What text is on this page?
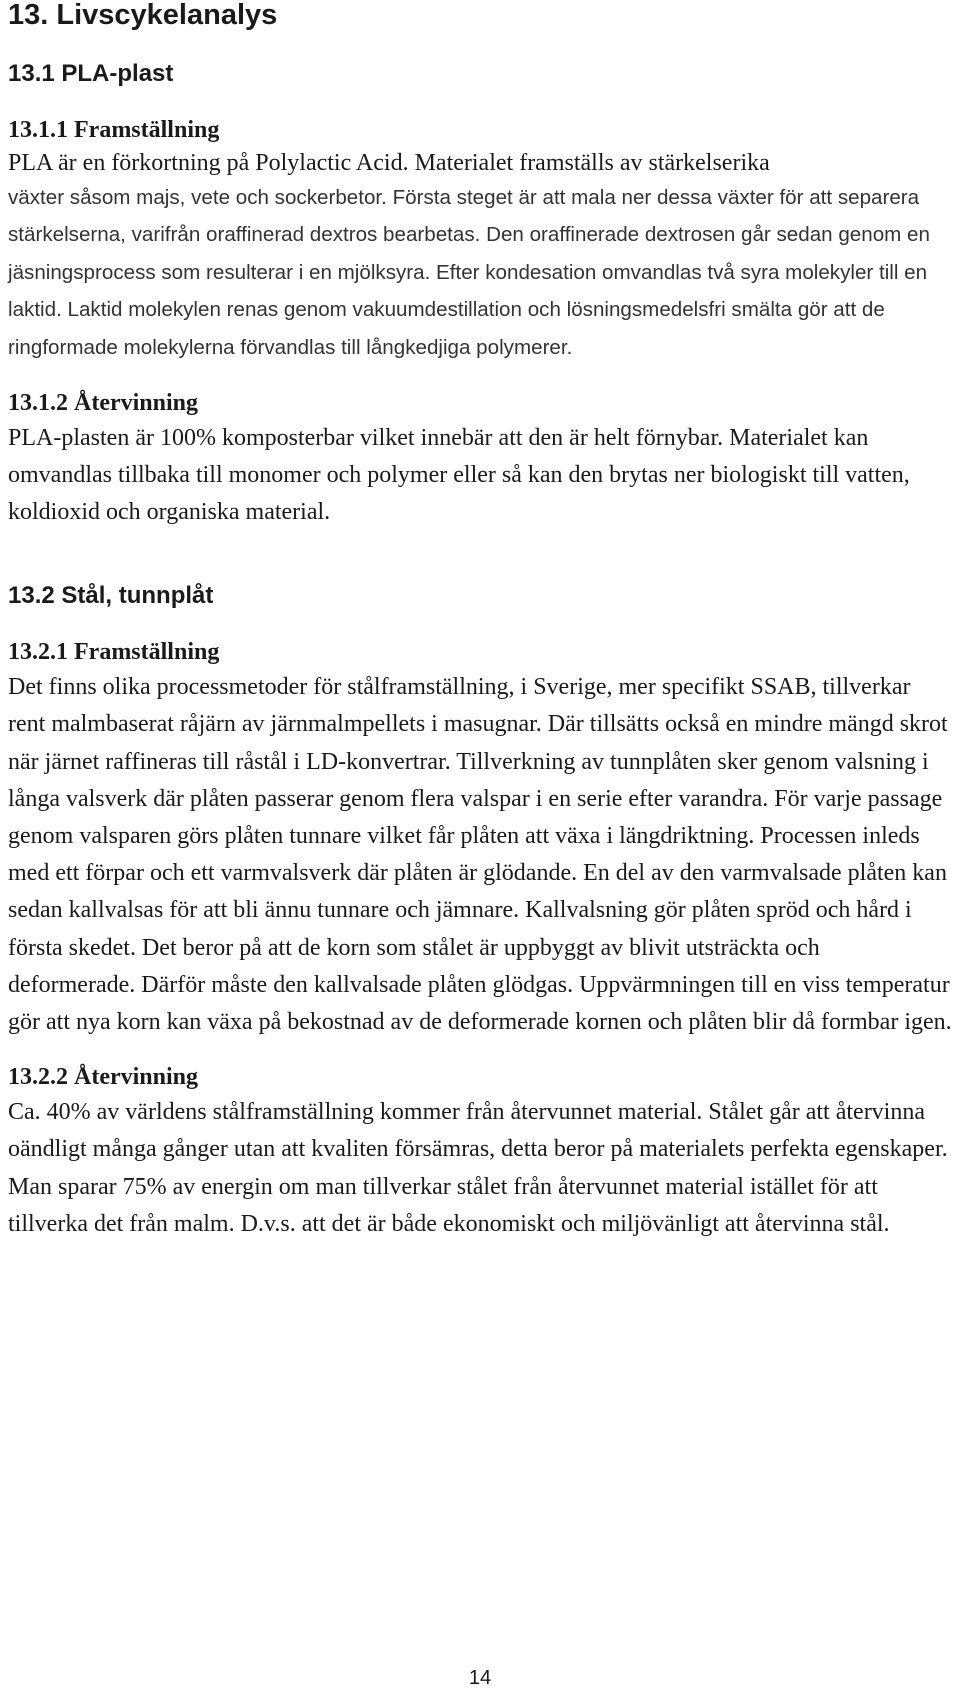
13. Livscykelanalys
13.1 PLA-plast
13.1.1 Framställning

PLA är en förkortning på Polylactic Acid. Materialet framställs av stärkelserika

växter såsom majs, vete och sockerbetor. Första steget är att mala ner dessa växter för att separera stärkelserna, varifrån oraffinerad dextros bearbetas. Den oraffinerade dextrosen går sedan genom en jäsningsprocess som resulterar i en mjölksyra. Efter kondesation omvandlas två syra molekyler till en laktid. Laktid molekylen renas genom vakuumdestillation och lösningsmedelsfri smälta gör att de ringformade molekylerna förvandlas till långkedjiga polymerer.

13.1.2 Återvinning

PLA-plasten är 100% komposterbar vilket innebär att den är helt förnybar. Materialet kan omvandlas tillbaka till monomer och polymer eller så kan den brytas ner biologiskt till vatten, koldioxid och organiska material.

13.2 Stål, tunnplåt
13.2.1 Framställning

Det finns olika processmetoder för stålframställning, i Sverige, mer specifikt SSAB, tillverkar rent malmbaserat råjärn av järnmalmpellets i masugnar. Där tillsätts också en mindre mängd skrot när järnet raffineras till råstål i LD-konvertrar. Tillverkning av tunnplåten sker genom valsning i långa valsverk där plåten passerar genom flera valspar i en serie efter varandra. För varje passage genom valsparen görs plåten tunnare vilket får plåten att växa i längdriktning. Processen inleds med ett förpar och ett varmvalsverk där plåten är glödande. En del av den varmvalsade plåten kan sedan kallvalsas för att bli ännu tunnare och jämnare. Kallvalsning gör plåten spröd och hård i första skedet. Det beror på att de korn som stålet är uppbyggt av blivit utsträckta och deformerade. Därför måste den kallvalsade plåten glödgas. Uppvärmningen till en viss temperatur gör att nya korn kan växa på bekostnad av de deformerade kornen och plåten blir då formbar igen.

13.2.2 Återvinning

Ca. 40% av världens stålframställning kommer från återvunnet material. Stålet går att återvinna oändligt många gånger utan att kvaliten försämras, detta beror på materialets perfekta egenskaper. Man sparar 75% av energin om man tillverkar stålet från återvunnet material istället för att tillverka det från malm. D.v.s. att det är både ekonomiskt och miljövänligt att återvinna stål.

14
